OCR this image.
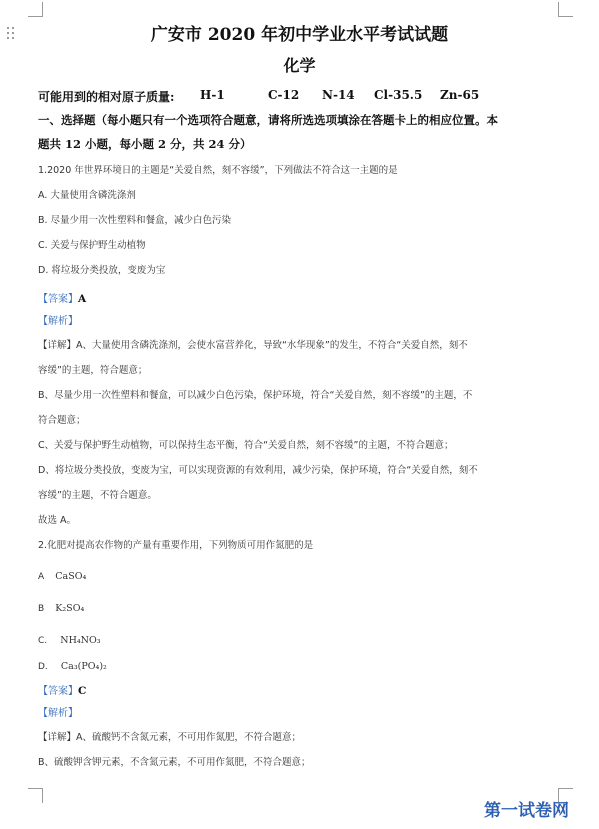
广安市 2020 年初中学业水平考试试题
化学
可能用到的相对原子质量: H-1	C-12 N-14 Cl-35.5 Zn-65
一、选择题（每小题只有一个选项符合题意，请将所选选项填涂在答题卡上的相应位置。本
题共 12 小题，每小题 2 分，共 24 分）
1.2020 年世界环境日的主题是“关爱自然，刻不容缓”，下列做法不符合这一主题的是
A. 大量使用含磷洗涤剂
B. 尽量少用一次性塑料和餐盒，减少白色污染
C. 关爱与保护野生动植物
D. 将垃圾分类投放，变废为宝
【答案】A
【解析】
【详解】A、大量使用含磷洗涤剂，会使水富营养化，导致“水华现象”的发生，不符合“关爱自然，刻不
容缓”的主题，符合题意；
B、尽量少用一次性塑料和餐盒，可以减少白色污染，保护环境，符合“关爱自然，刻不容缓”的主题，不
符合题意；
C、关爱与保护野生动植物，可以保持生态平衡，符合“关爱自然，刻不容缓”的主题，不符合题意；
D、将垃圾分类投放，变废为宝，可以实现资源的有效利用，减少污染，保护环境，符合“关爱自然，刻不
容缓”的主题，不符合题意。
故选 A。
2.化肥对提高农作物的产量有重要作用，下列物质可用作氮肥的是
A CaSO₄
B K₂SO₄
C. NH₄NO₃
D. Ca₃(PO₄)₂
【答案】C
【解析】
【详解】A、硫酸钙不含氮元素，不可用作氮肥，不符合题意；
B、硫酸钾含钾元素，不含氮元素，不可用作氮肥，不符合题意；
第一试卷网
